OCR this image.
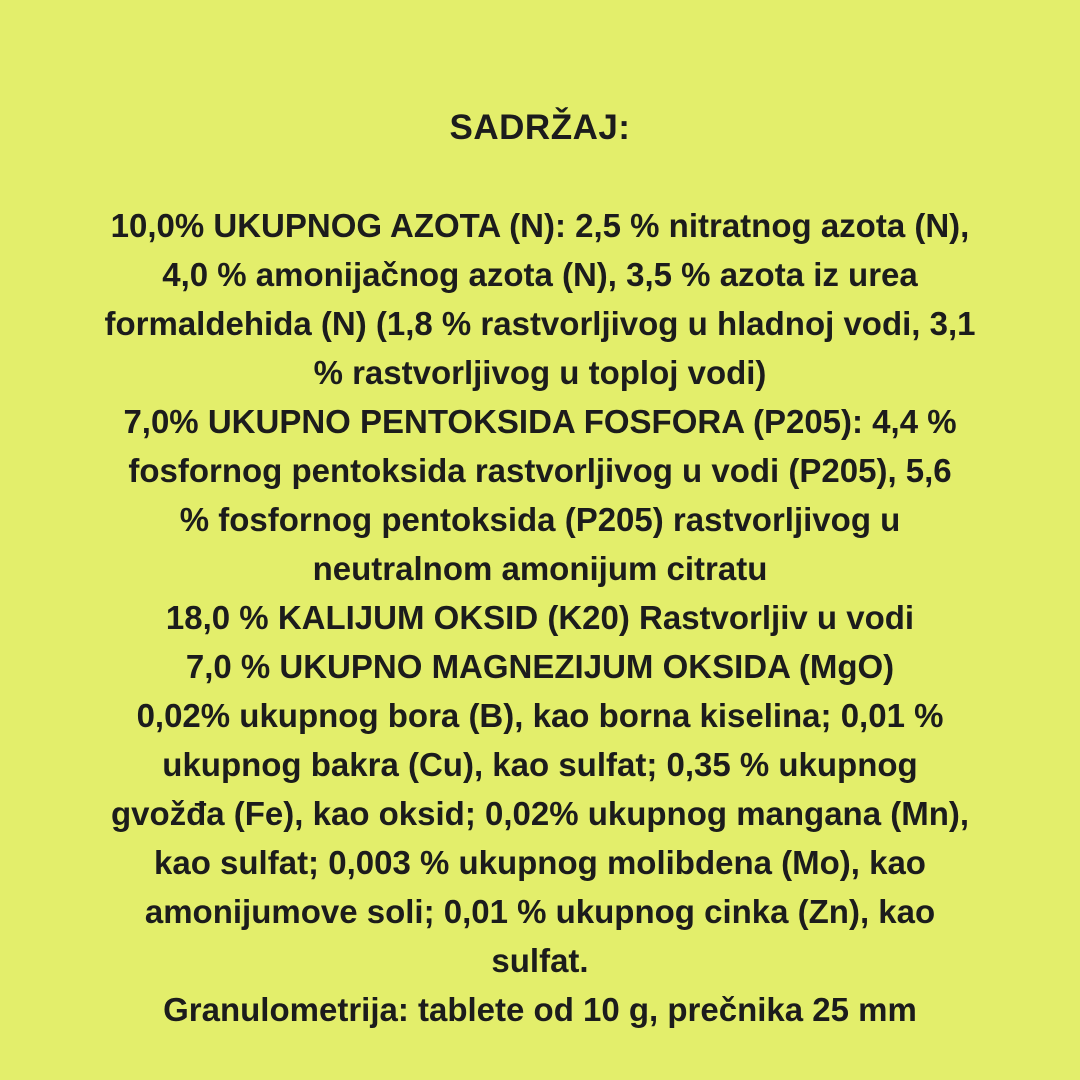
SADRŽAJ:
10,0% UKUPNOG AZOTA (N): 2,5 % nitratnog azota (N),
4,0 % amonijačnog azota (N), 3,5 % azota iz urea
formaldehida (N) (1,8 % rastvorljivog u hladnoj vodi, 3,1
% rastvorljivog u toploj vodi)
7,0% UKUPNO PENTOKSIDA FOSFORA (P205): 4,4 %
fosfornog pentoksida rastvorljivog u vodi (P205), 5,6
% fosfornog pentoksida (P205) rastvorljivog u
neutralnom amonijum citratu
18,0 % KALIJUM OKSID (K20) Rastvorljiv u vodi
7,0 % UKUPNO MAGNEZIJUM OKSIDA (MgO)
0,02% ukupnog bora (B), kao borna kiselina; 0,01 %
ukupnog bakra (Cu), kao sulfat; 0,35 % ukupnog
gvožđa (Fe), kao oksid; 0,02% ukupnog mangana (Mn),
kao sulfat; 0,003 % ukupnog molibdena (Mo), kao
amonijumove soli; 0,01 % ukupnog cinka (Zn), kao
sulfat.
Granulometrija: tablete od 10 g, prečnika 25 mm
